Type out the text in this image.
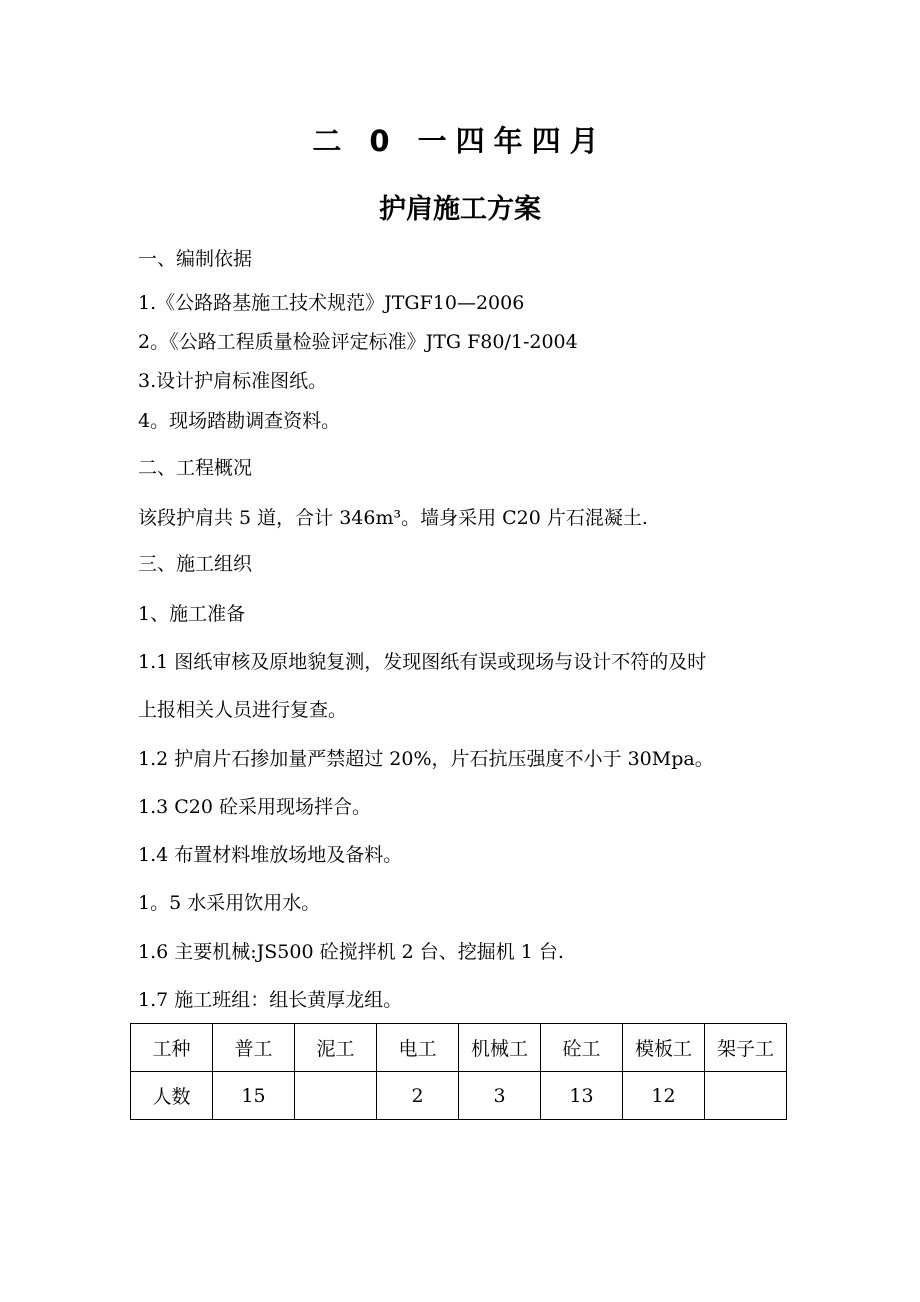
二 0 一四年四月
护肩施工方案
一、编制依据
1.《公路路基施工技术规范》JTGF10—2006
2。《公路工程质量检验评定标准》JTG F80/1-2004
3.设计护肩标准图纸。
4。现场踏勘调查资料。
二、工程概况
该段护肩共 5 道，合计 346m³。墙身采用 C20 片石混凝土.
三、施工组织
1、施工准备
1.1 图纸审核及原地貌复测，发现图纸有误或现场与设计不符的及时
上报相关人员进行复查。
1.2 护肩片石掺加量严禁超过 20%，片石抗压强度不小于 30Mpa。
1.3 C20 砼采用现场拌合。
1.4 布置材料堆放场地及备料。
1。5 水采用饮用水。
1.6 主要机械:JS500 砼搅拌机 2 台、挖掘机 1 台.
1.7 施工班组：组长黄厚龙组。
工种	普工	泥工	电工	机械工	砼工	模板工	架子工
人数	15		2	3	13	12	
